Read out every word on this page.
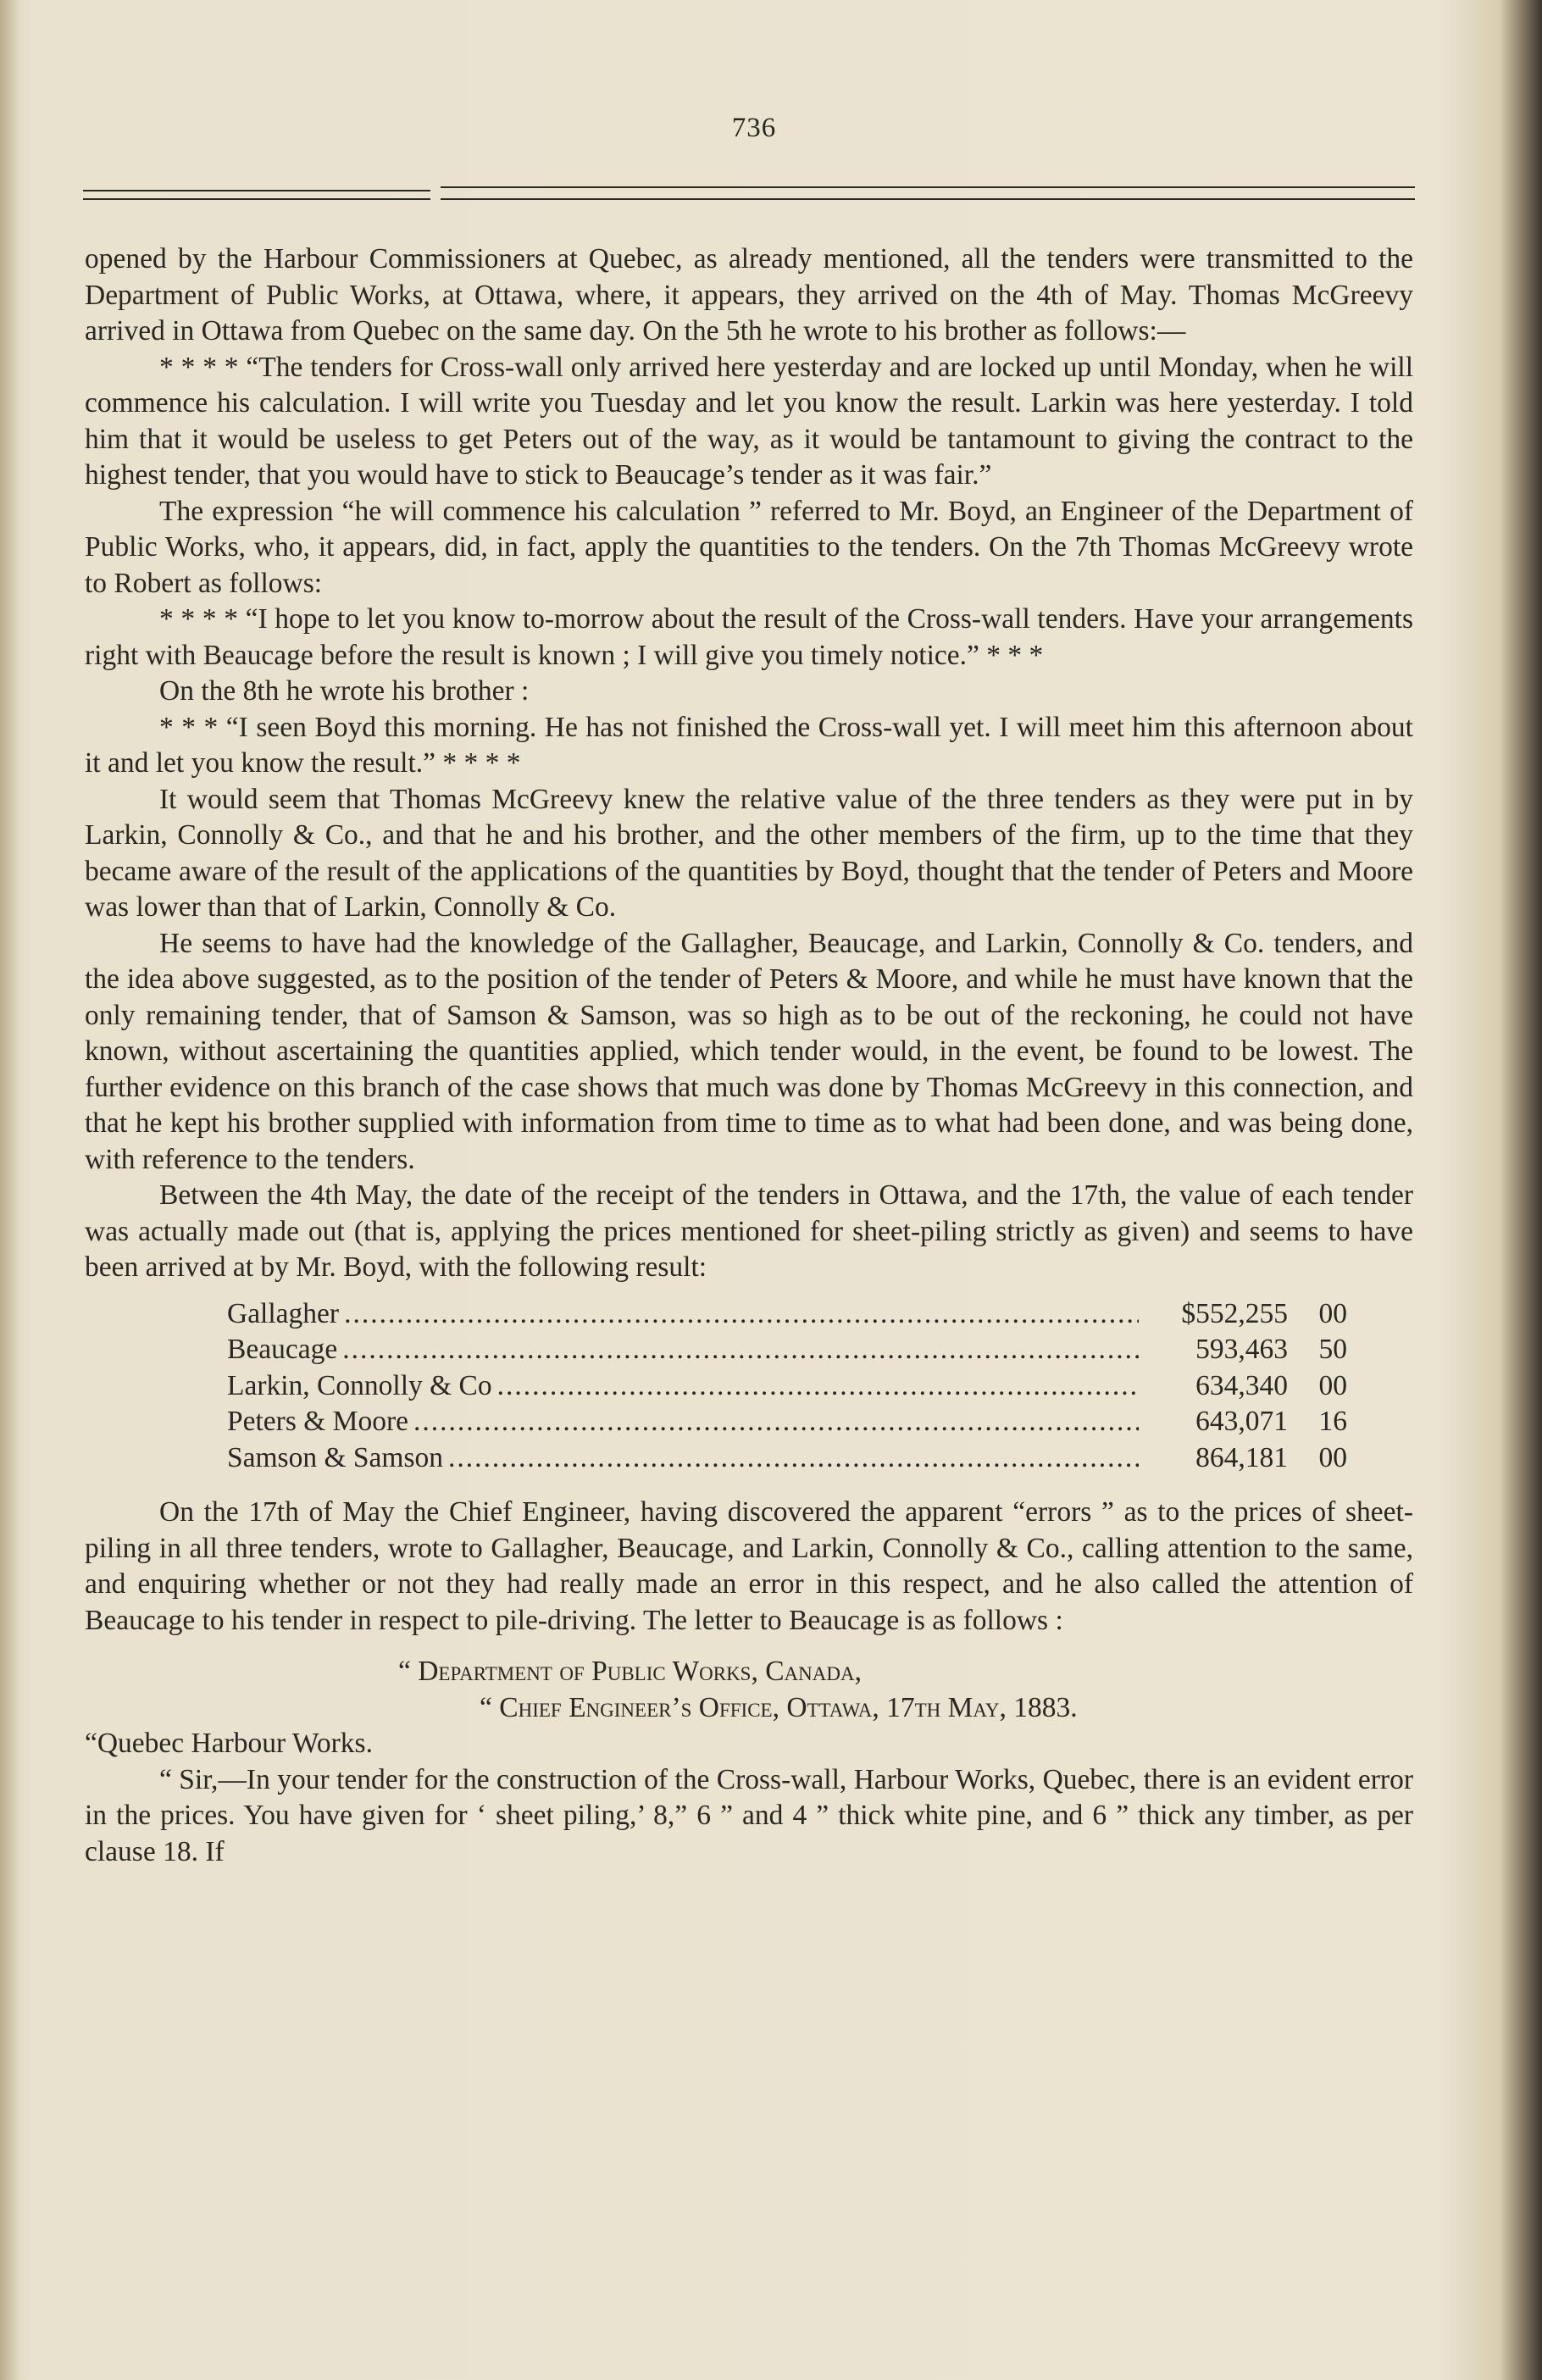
736

opened by the Harbour Commissioners at Quebec, as already mentioned, all the tenders were transmitted to the Department of Public Works, at Ottawa, where, it appears, they arrived on the 4th of May. Thomas McGreevy arrived in Ottawa from Quebec on the same day. On the 5th he wrote to his brother as follows:—

* * * * “The tenders for Cross-wall only arrived here yesterday and are locked up until Monday, when he will commence his calculation. I will write you Tuesday and let you know the result. Larkin was here yesterday. I told him that it would be useless to get Peters out of the way, as it would be tantamount to giving the contract to the highest tender, that you would have to stick to Beaucage’s tender as it was fair.”

The expression “he will commence his calculation ” referred to Mr. Boyd, an Engineer of the Department of Public Works, who, it appears, did, in fact, apply the quantities to the tenders. On the 7th Thomas McGreevy wrote to Robert as follows:

* * * * “I hope to let you know to-morrow about the result of the Cross-wall tenders. Have your arrangements right with Beaucage before the result is known ; I will give you timely notice.” * * *

On the 8th he wrote his brother :

* * * “I seen Boyd this morning. He has not finished the Cross-wall yet. I will meet him this afternoon about it and let you know the result.” * * * *

It would seem that Thomas McGreevy knew the relative value of the three tenders as they were put in by Larkin, Connolly & Co., and that he and his brother, and the other members of the firm, up to the time that they became aware of the result of the applications of the quantities by Boyd, thought that the tender of Peters and Moore was lower than that of Larkin, Connolly & Co.

He seems to have had the knowledge of the Gallagher, Beaucage, and Larkin, Connolly & Co. tenders, and the idea above suggested, as to the position of the tender of Peters & Moore, and while he must have known that the only remaining tender, that of Samson & Samson, was so high as to be out of the reckoning, he could not have known, without ascertaining the quantities applied, which tender would, in the event, be found to be lowest. The further evidence on this branch of the case shows that much was done by Thomas McGreevy in this connection, and that he kept his brother supplied with information from time to time as to what had been done, and was being done, with reference to the tenders.

Between the 4th May, the date of the receipt of the tenders in Ottawa, and the 17th, the value of each tender was actually made out (that is, applying the prices mentioned for sheet-piling strictly as given) and seems to have been arrived at by Mr. Boyd, with the following result:

Gallagher .....	$552,255	00
Beaucage .....	593,463	50
Larkin, Connolly & Co .....	634,340	00
Peters & Moore .....	643,071	16
Samson & Samson .....	864,181	00

On the 17th of May the Chief Engineer, having discovered the apparent “errors ” as to the prices of sheet-piling in all three tenders, wrote to Gallagher, Beaucage, and Larkin, Connolly & Co., calling attention to the same, and enquiring whether or not they had really made an error in this respect, and he also called the attention of Beaucage to his tender in respect to pile-driving. The letter to Beaucage is as follows :

“ Department of Public Works, Canada,
“ Chief Engineer’s Office, Ottawa, 17th May, 1883.

“Quebec Harbour Works.

“ Sir,—In your tender for the construction of the Cross-wall, Harbour Works, Quebec, there is an evident error in the prices. You have given for ‘ sheet piling,’ 8,” 6 ” and 4 ” thick white pine, and 6 ” thick any timber, as per clause 18. If
